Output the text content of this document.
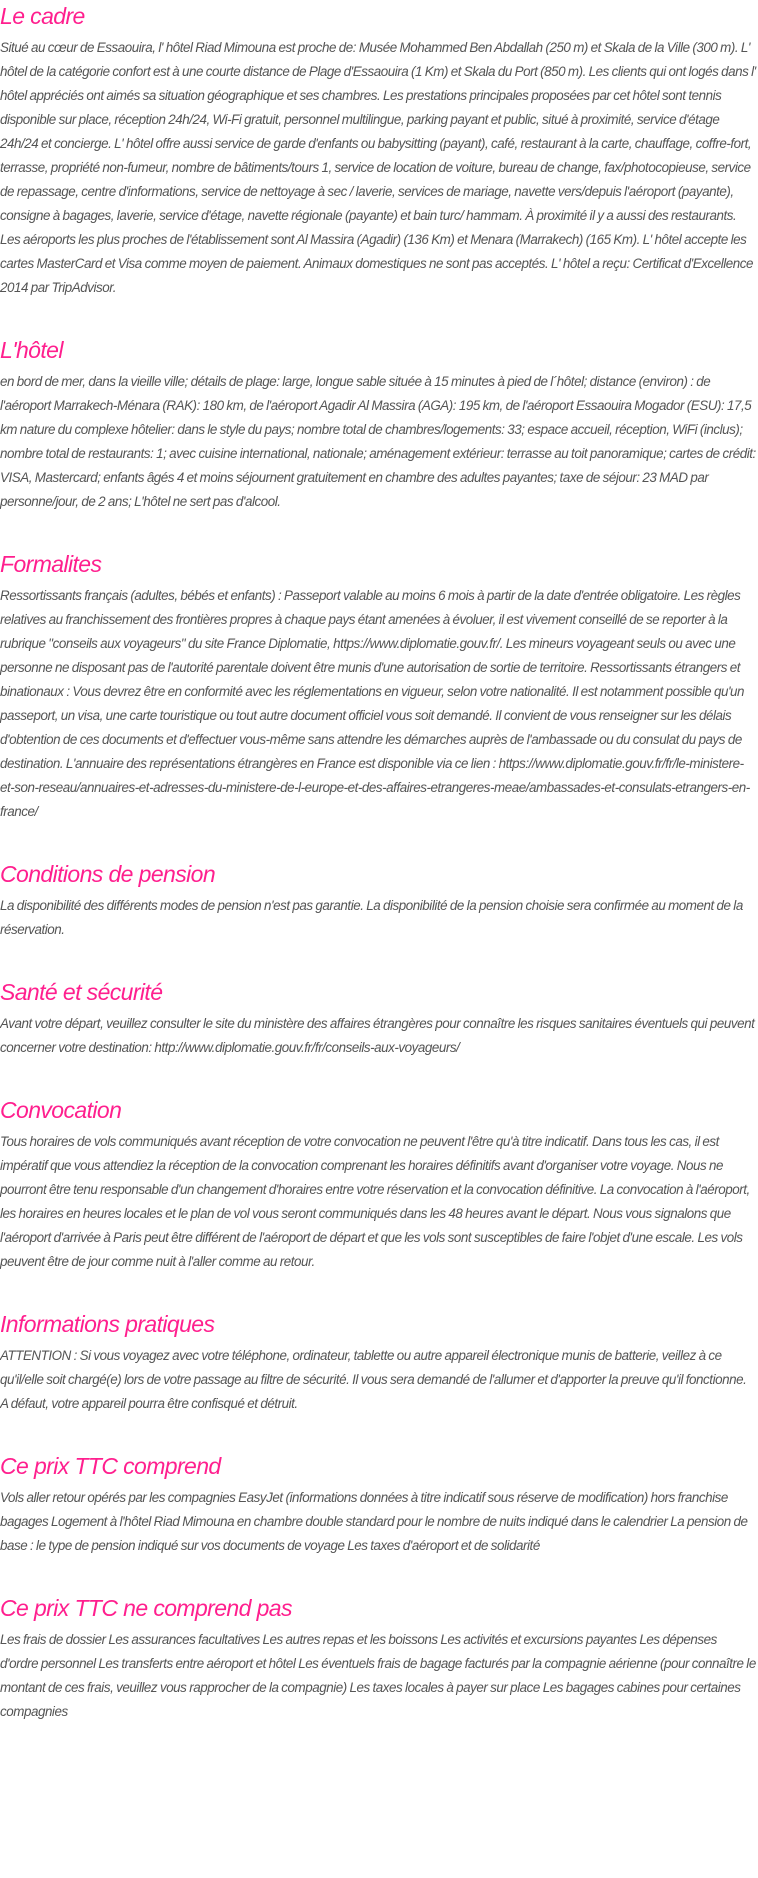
Le cadre

Situé au cœur de Essaouira, l' hôtel Riad Mimouna est proche de: Musée Mohammed Ben Abdallah (250 m) et Skala de la Ville (300 m). L' hôtel de la catégorie confort est à une courte distance de Plage d'Essaouira (1 Km) et Skala du Port (850 m). Les clients qui ont logés dans l' hôtel appréciés ont aimés sa situation géographique et ses chambres. Les prestations principales proposées par cet hôtel sont tennis disponible sur place, réception 24h/24, Wi-Fi gratuit, personnel multilingue, parking payant et public, situé à proximité, service d'étage 24h/24 et concierge. L' hôtel offre aussi service de garde d'enfants ou babysitting (payant), café, restaurant à la carte, chauffage, coffre-fort, terrasse, propriété non-fumeur, nombre de bâtiments/tours 1, service de location de voiture, bureau de change, fax/photocopieuse, service de repassage, centre d'informations, service de nettoyage à sec / laverie, services de mariage, navette vers/depuis l'aéroport (payante), consigne à bagages, laverie, service d'étage, navette régionale (payante) et bain turc/ hammam. À proximité il y a aussi des restaurants. Les aéroports les plus proches de l'établissement sont Al Massira (Agadir) (136 Km) et Menara (Marrakech) (165 Km). L' hôtel accepte les cartes MasterCard et Visa comme moyen de paiement. Animaux domestiques ne sont pas acceptés. L' hôtel a reçu: Certificat d'Excellence 2014 par TripAdvisor.

L'hôtel

en bord de mer, dans la vieille ville; détails de plage: large, longue sable située à 15 minutes à pied de l´hôtel; distance (environ) : de l'aéroport Marrakech-Ménara (RAK): 180 km, de l'aéroport Agadir Al Massira (AGA): 195 km, de l'aéroport Essaouira Mogador (ESU): 17,5 km nature du complexe hôtelier: dans le style du pays; nombre total de chambres/logements: 33; espace accueil, réception, WiFi (inclus); nombre total de restaurants: 1; avec cuisine international, nationale; aménagement extérieur: terrasse au toit panoramique; cartes de crédit: VISA, Mastercard; enfants âgés 4 et moins séjournent gratuitement en chambre des adultes payantes; taxe de séjour: 23 MAD par personne/jour, de 2 ans; L'hôtel ne sert pas d'alcool.

Formalites

Ressortissants français (adultes, bébés et enfants) : Passeport valable au moins 6 mois à partir de la date d'entrée obligatoire. Les règles relatives au franchissement des frontières propres à chaque pays étant amenées à évoluer, il est vivement conseillé de se reporter à la rubrique "conseils aux voyageurs" du site France Diplomatie, https://www.diplomatie.gouv.fr/. Les mineurs voyageant seuls ou avec une personne ne disposant pas de l'autorité parentale doivent être munis d'une autorisation de sortie de territoire. Ressortissants étrangers et binationaux : Vous devrez être en conformité avec les réglementations en vigueur, selon votre nationalité. Il est notamment possible qu'un passeport, un visa, une carte touristique ou tout autre document officiel vous soit demandé. Il convient de vous renseigner sur les délais d'obtention de ces documents et d'effectuer vous-même sans attendre les démarches auprès de l'ambassade ou du consulat du pays de destination. L'annuaire des représentations étrangères en France est disponible via ce lien : https://www.diplomatie.gouv.fr/fr/le-ministere-et-son-reseau/annuaires-et-adresses-du-ministere-de-l-europe-et-des-affaires-etrangeres-meae/ambassades-et-consulats-etrangers-en-france/

Conditions de pension

La disponibilité des différents modes de pension n'est pas garantie. La disponibilité de la pension choisie sera confirmée au moment de la réservation.

Santé et sécurité

Avant votre départ, veuillez consulter le site du ministère des affaires étrangères pour connaître les risques sanitaires éventuels qui peuvent concerner votre destination: http://www.diplomatie.gouv.fr/fr/conseils-aux-voyageurs/

Convocation

Tous horaires de vols communiqués avant réception de votre convocation ne peuvent l'être qu'à titre indicatif. Dans tous les cas, il est impératif que vous attendiez la réception de la convocation comprenant les horaires définitifs avant d'organiser votre voyage. Nous ne pourront être tenu responsable d'un changement d'horaires entre votre réservation et la convocation définitive. La convocation à l'aéroport, les horaires en heures locales et le plan de vol vous seront communiqués dans les 48 heures avant le départ. Nous vous signalons que l'aéroport d'arrivée à Paris peut être différent de l'aéroport de départ et que les vols sont susceptibles de faire l'objet d'une escale. Les vols peuvent être de jour comme nuit à l'aller comme au retour.

Informations pratiques

ATTENTION : Si vous voyagez avec votre téléphone, ordinateur, tablette ou autre appareil électronique munis de batterie, veillez à ce qu'il/elle soit chargé(e) lors de votre passage au filtre de sécurité. Il vous sera demandé de l'allumer et d'apporter la preuve qu'il fonctionne. A défaut, votre appareil pourra être confisqué et détruit.

Ce prix TTC comprend

Vols aller retour opérés par les compagnies EasyJet (informations données à titre indicatif sous réserve de modification) hors franchise bagages Logement à l'hôtel Riad Mimouna en chambre double standard pour le nombre de nuits indiqué dans le calendrier La pension de base : le type de pension indiqué sur vos documents de voyage Les taxes d'aéroport et de solidarité

Ce prix TTC ne comprend pas

Les frais de dossier Les assurances facultatives Les autres repas et les boissons Les activités et excursions payantes Les dépenses d'ordre personnel Les transferts entre aéroport et hôtel Les éventuels frais de bagage facturés par la compagnie aérienne (pour connaître le montant de ces frais, veuillez vous rapprocher de la compagnie) Les taxes locales à payer sur place Les bagages cabines pour certaines compagnies
